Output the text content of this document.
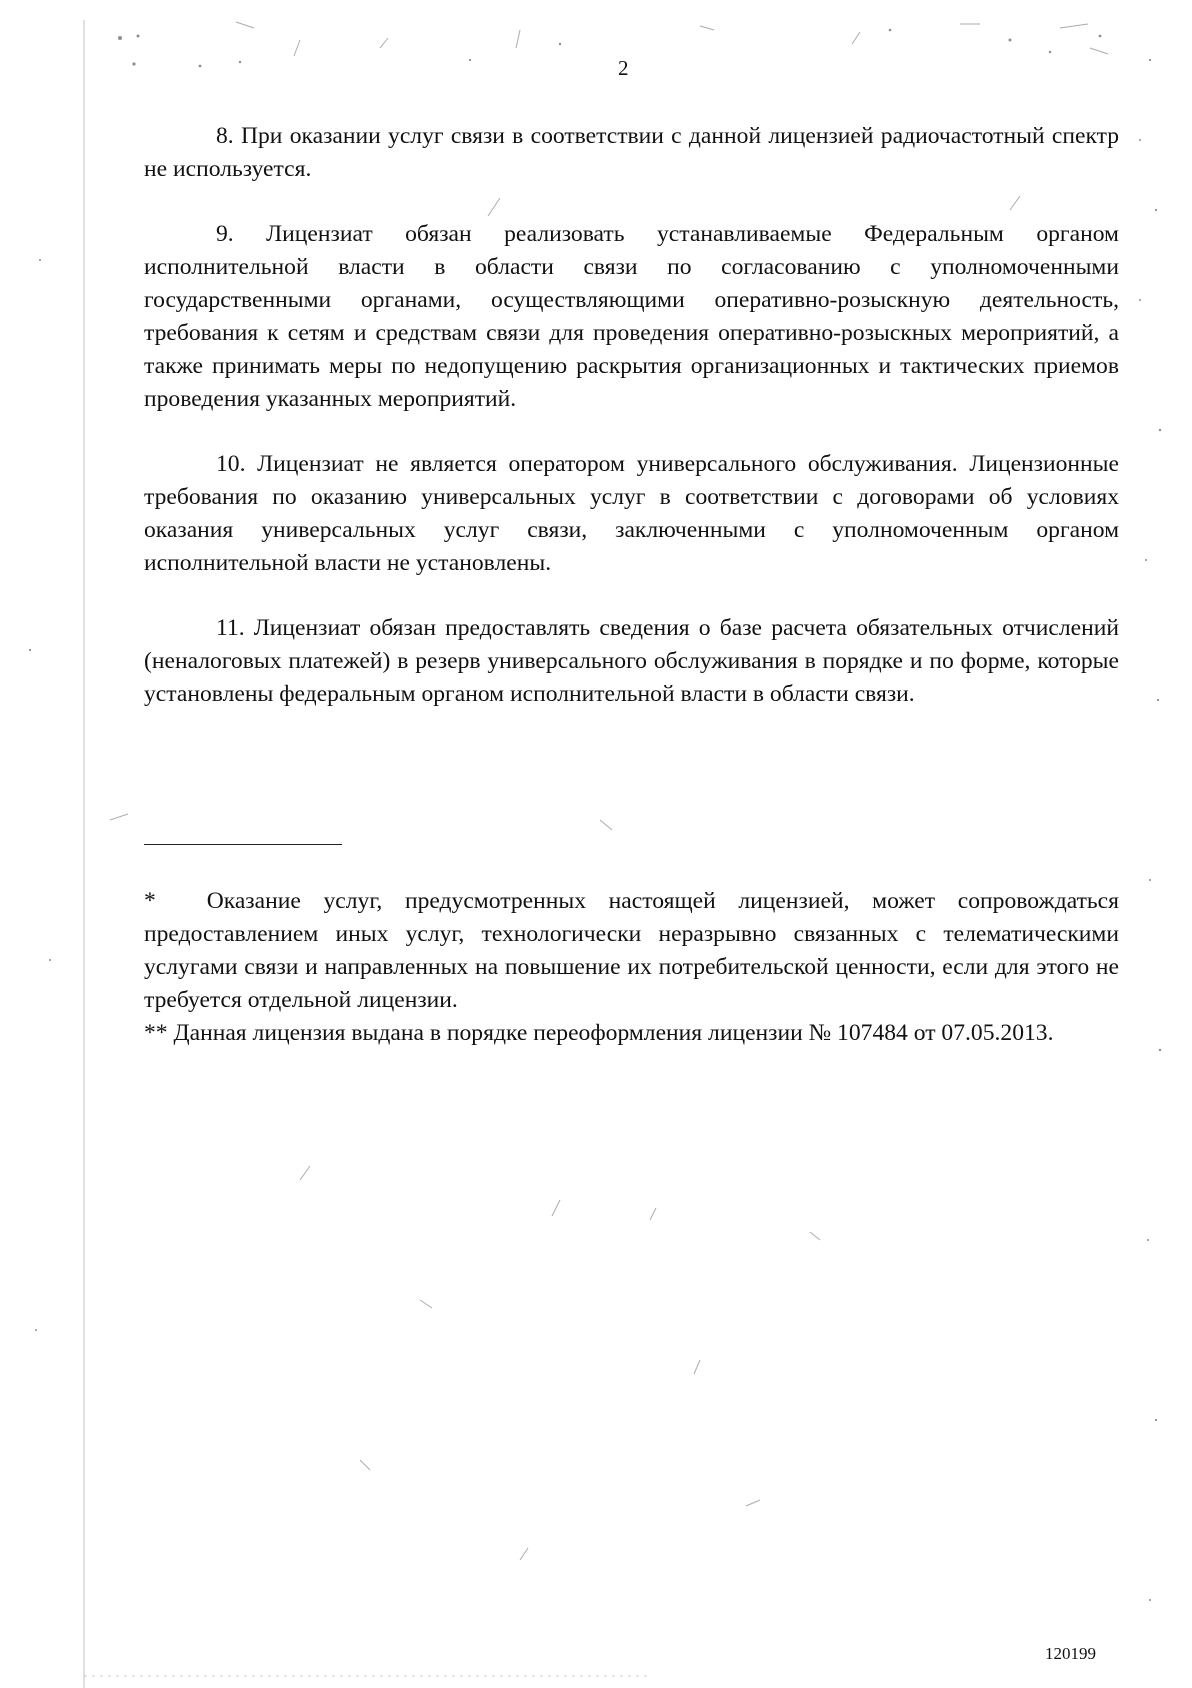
2

8. При оказании услуг связи в соответствии с данной лицензией радиочастотный спектр не используется.

9. Лицензиат обязан реализовать устанавливаемые Федеральным органом исполнительной власти в области связи по согласованию с уполномоченными государственными органами, осуществляющими оперативно-розыскную деятельность, требования к сетям и средствам связи для проведения оперативно-розыскных мероприятий, а также принимать меры по недопущению раскрытия организационных и тактических приемов проведения указанных мероприятий.

10. Лицензиат не является оператором универсального обслуживания. Лицензионные требования по оказанию универсальных услуг в соответствии с договорами об условиях оказания универсальных услуг связи, заключенными с уполномоченным органом исполнительной власти не установлены.

11. Лицензиат обязан предоставлять сведения о базе расчета обязательных отчислений (неналоговых платежей) в резерв универсального обслуживания в порядке и по форме, которые установлены федеральным органом исполнительной власти в области связи.

* Оказание услуг, предусмотренных настоящей лицензией, может сопровождаться предоставлением иных услуг, технологически неразрывно связанных с телематическими услугами связи и направленных на повышение их потребительской ценности, если для этого не требуется отдельной лицензии.

** Данная лицензия выдана в порядке переоформления лицензии № 107484 от 07.05.2013.

120199
